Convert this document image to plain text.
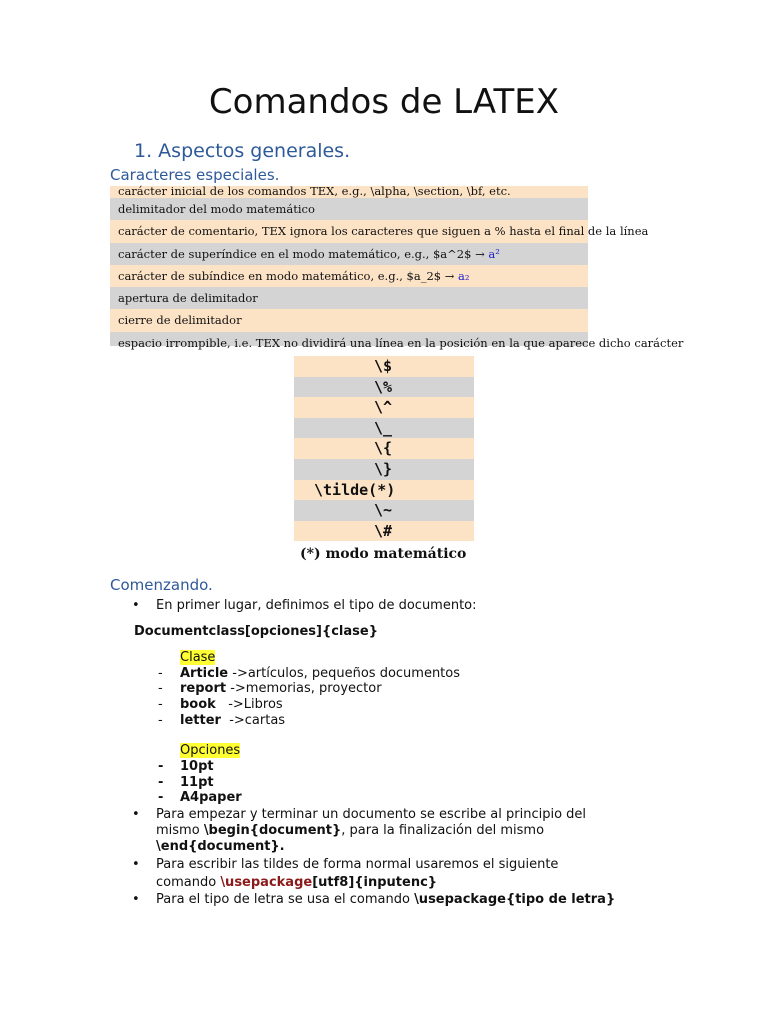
Comandos de LATEX
1. Aspectos generales.
Caracteres especiales.
carácter inicial de los comandos TEX, e.g., \alpha, \section, \bf, etc.
delimitador del modo matemático
carácter de comentario, TEX ignora los caracteres que siguen a % hasta el final de la línea
carácter de superíndice en el modo matemático, e.g., $a^2$ → a²
carácter de subíndice en modo matemático, e.g., $a_2$ → a₂
apertura de delimitador
cierre de delimitador
espacio irrompible, i.e. TEX no dividirá una línea en la posición en la que aparece dicho carácter
\$
\%
\^
\_
\{
\}
\tilde(*)
\~
\#
(*) modo matemático
Comenzando.
• En primer lugar, definimos el tipo de documento:
Documentclass[opciones]{clase}
Clase
- Article ->artículos, pequeños documentos
- report ->memorias, proyector
- book   ->Libros
- letter  ->cartas
Opciones
- 10pt
- 11pt
- A4paper
• Para empezar y terminar un documento se escribe al principio del
mismo \begin{document}, para la finalización del mismo
\end{document}.
• Para escribir las tildes de forma normal usaremos el siguiente
comando \usepackage[utf8]{inputenc}
• Para el tipo de letra se usa el comando \usepackage{tipo de letra}
